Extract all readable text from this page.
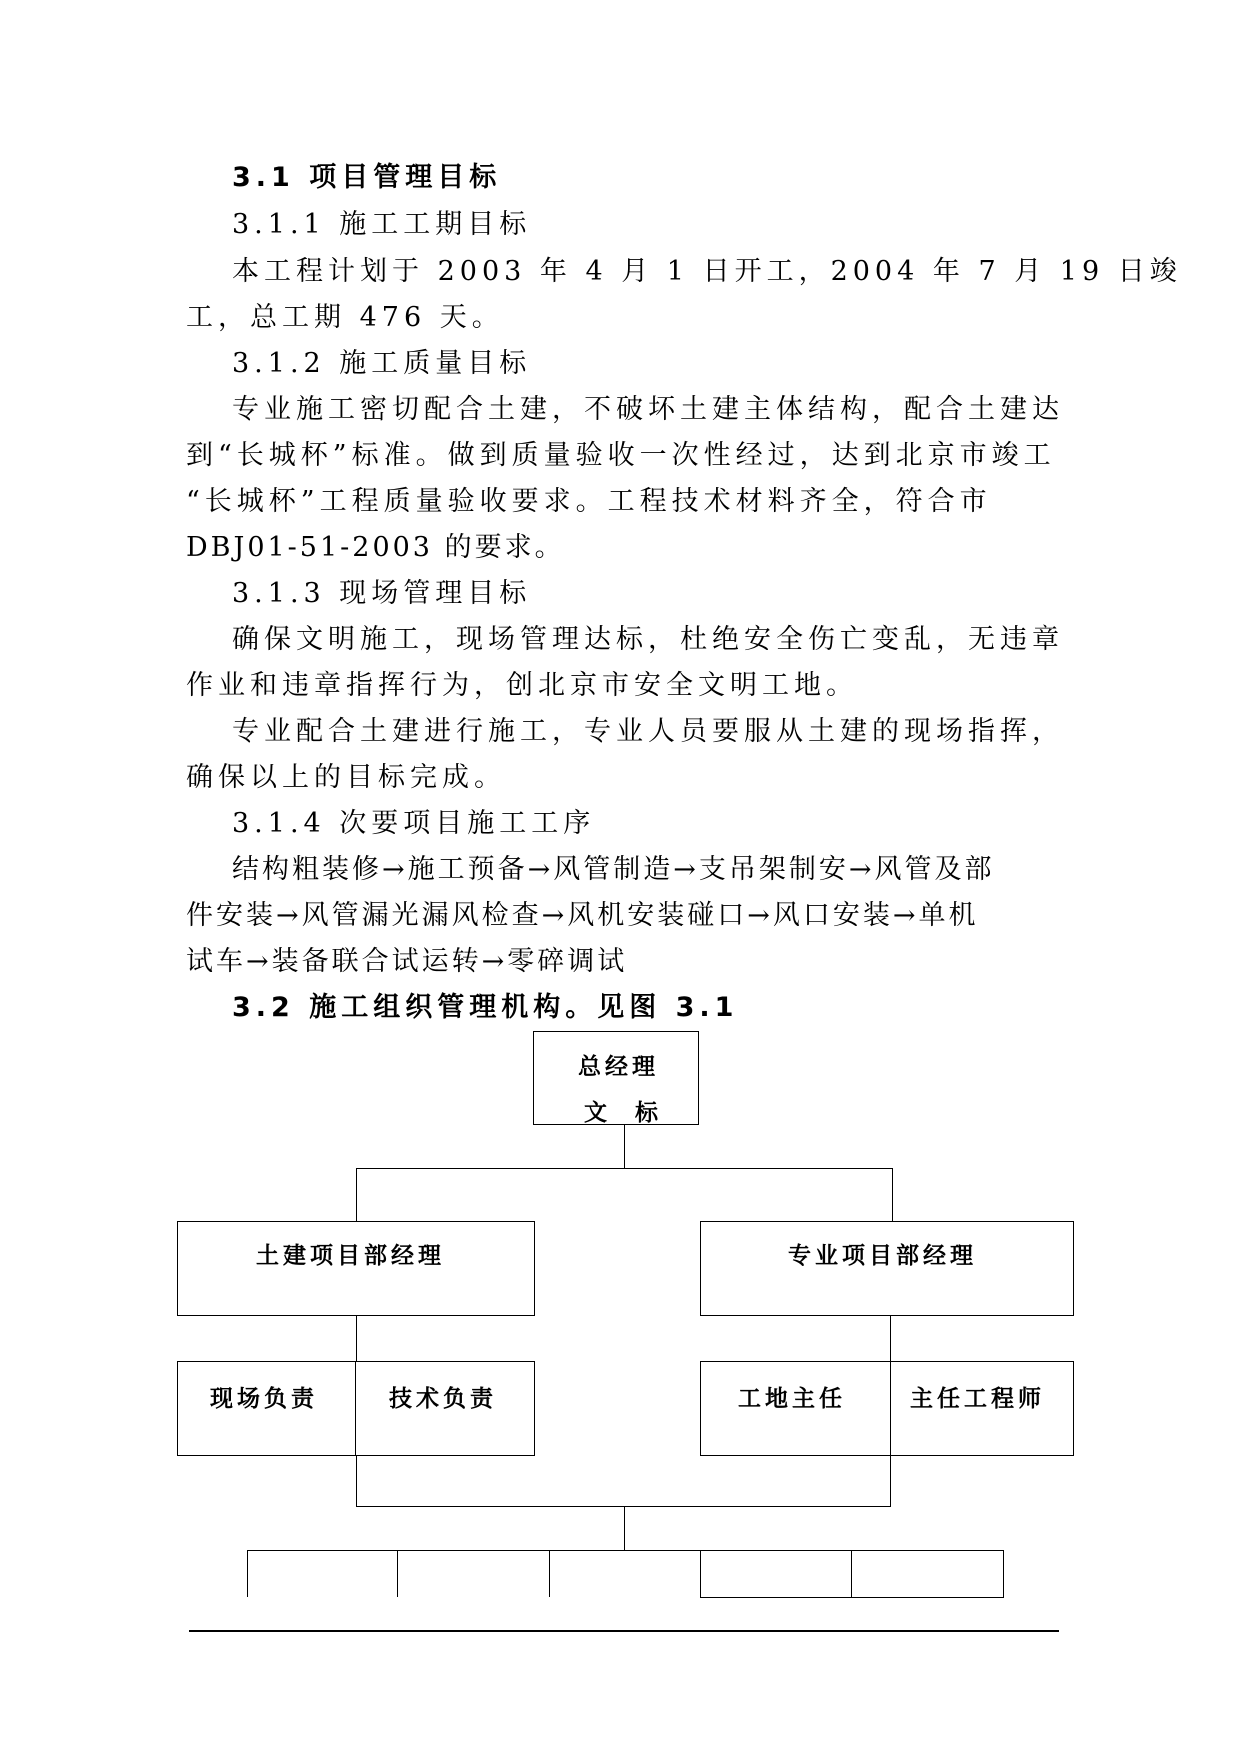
3.1 项目管理目标
3.1.1 施工工期目标
本工程计划于 2003 年 4 月 1 日开工，2004 年 7 月 19 日竣
工，总工期 476 天。
3.1.2 施工质量目标
专业施工密切配合土建，不破坏土建主体结构，配合土建达
到“长城杯”标准。做到质量验收一次性经过，达到北京市竣工
“长城杯”工程质量验收要求。工程技术材料齐全，符合市
DBJ01-51-2003 的要求。
3.1.3 现场管理目标
确保文明施工，现场管理达标，杜绝安全伤亡变乱，无违章
作业和违章指挥行为，创北京市安全文明工地。
专业配合土建进行施工，专业人员要服从土建的现场指挥，
确保以上的目标完成。
3.1.4 次要项目施工工序
结构粗装修→施工预备→风管制造→支吊架制安→风管及部
件安装→风管漏光漏风检查→风机安装碰口→风口安装→单机
试车→装备联合试运转→零碎调试
3.2 施工组织管理机构。见图 3.1
总经理
文 标
土建项目部经理	专业项目部经理
现场负责	技术负责	工地主任	主任工程师
